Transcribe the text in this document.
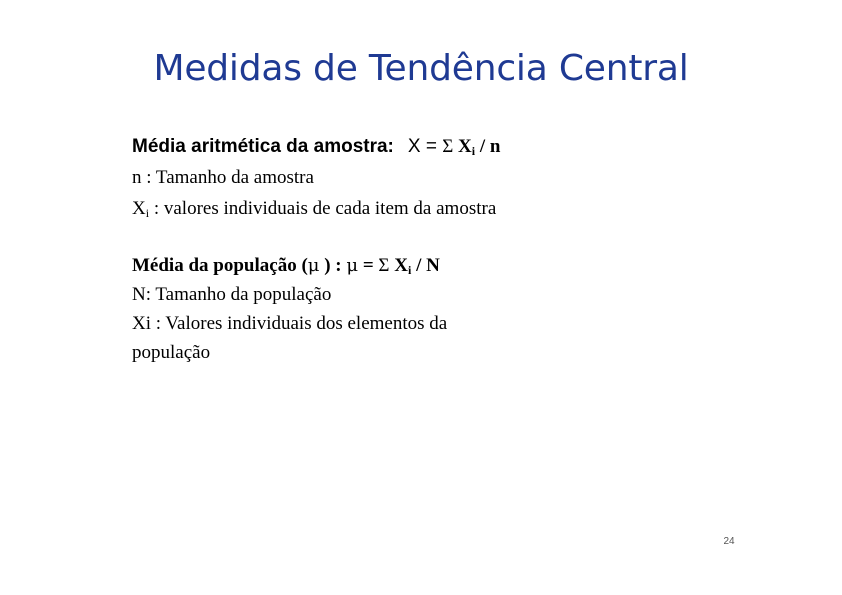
Medidas de Tendência Central
Média aritmética da amostra: X = Σ $X_i$ / n
n : Tamanho da amostra
$X_i$ : valores individuais de cada item da amostra
Média da população (μ ) : μ = Σ $X_i$ / N
N: Tamanho da população
Xi : Valores individuais dos elementos da
população
24
